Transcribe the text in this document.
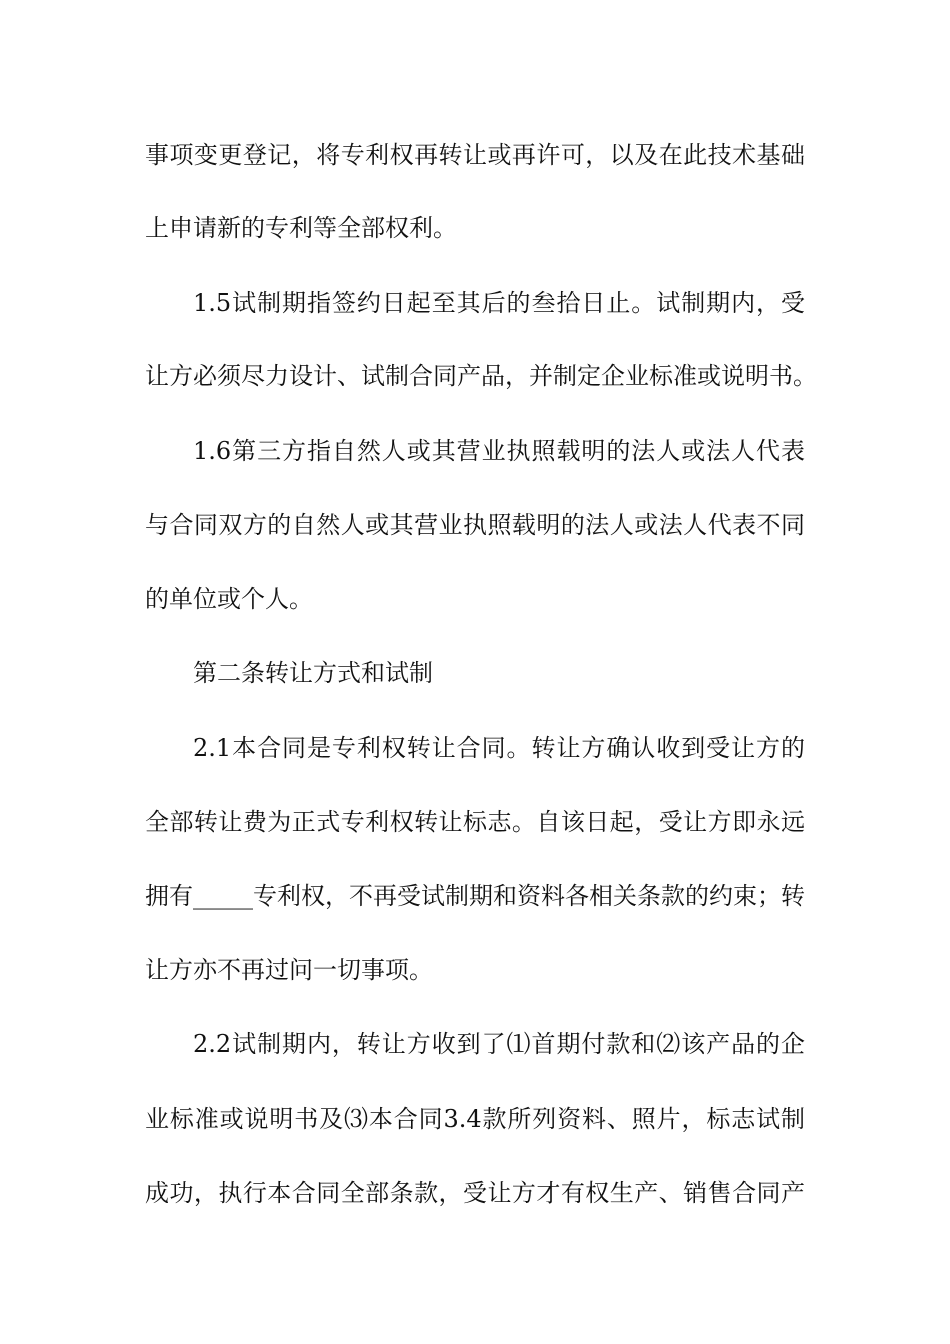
事项变更登记，将专利权再转让或再许可，以及在此技术基础
上申请新的专利等全部权利。
1.5试制期指签约日起至其后的叁拾日止。试制期内，受
让方必须尽力设计、试制合同产品，并制定企业标准或说明书。
1.6第三方指自然人或其营业执照载明的法人或法人代表
与合同双方的自然人或其营业执照载明的法人或法人代表不同
的单位或个人。
第二条转让方式和试制
2.1本合同是专利权转让合同。转让方确认收到受让方的
全部转让费为正式专利权转让标志。自该日起，受让方即永远
拥有_____专利权，不再受试制期和资料各相关条款的约束；转
让方亦不再过问一切事项。
2.2试制期内，转让方收到了⑴首期付款和⑵该产品的企
业标准或说明书及⑶本合同3.4款所列资料、照片，标志试制
成功，执行本合同全部条款，受让方才有权生产、销售合同产
